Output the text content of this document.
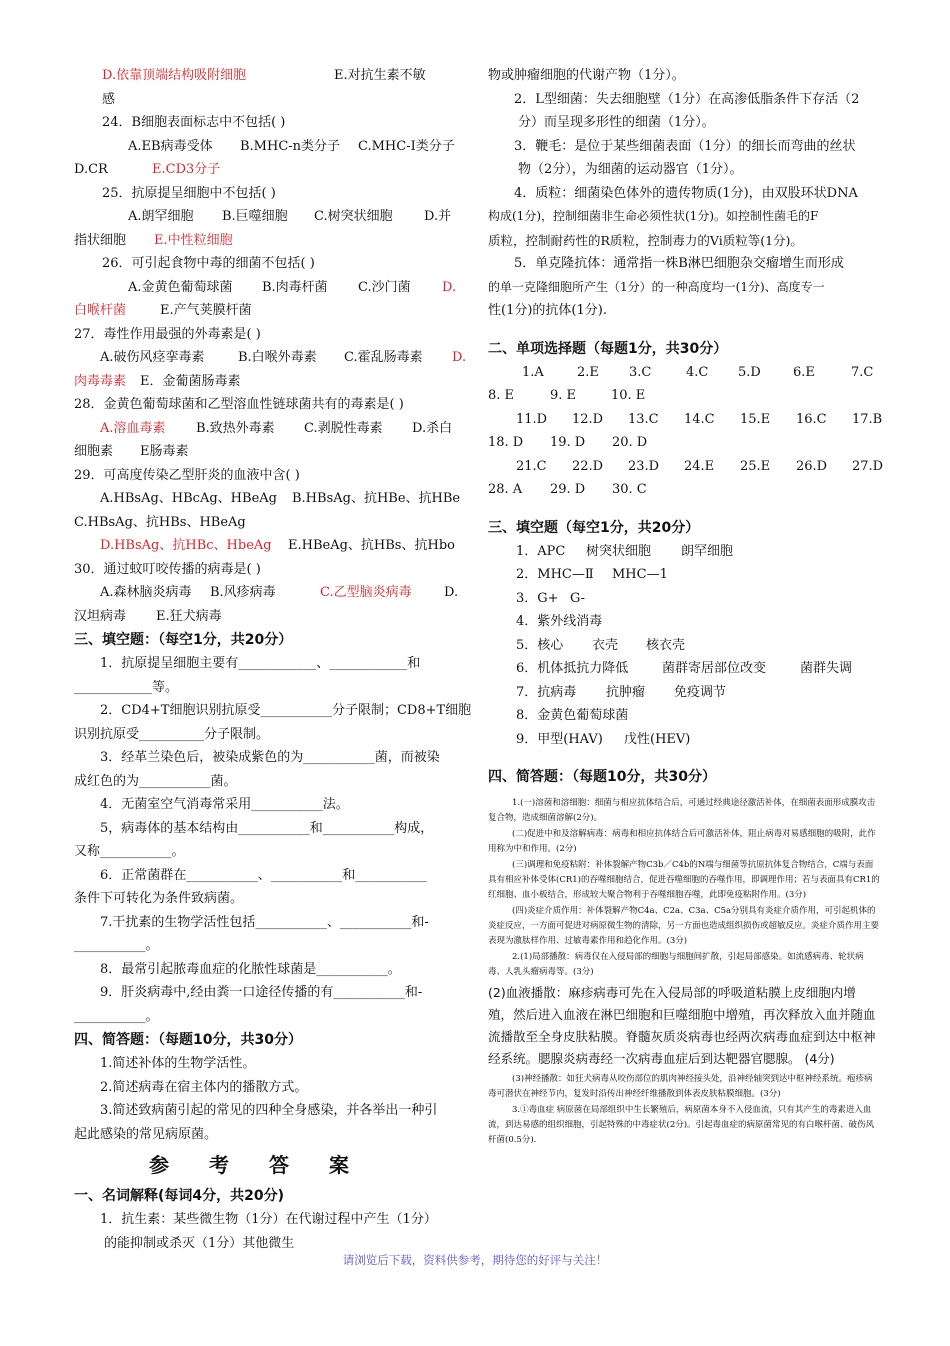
D.依靠顶端结构吸附细胞	E.对抗生素不敏
感
24．B细胞表面标志中不包括( )
A.EB病毒受体 B.MHC-n类分子 C.MHC-I类分子
D.CR	E.CD3分子
25．抗原提呈细胞中不包括( )
A.朗罕细胞 B.巨噬细胞 C.树突状细胞 D.并
指状细胞 E.中性粒细胞
26．可引起食物中毒的细菌不包括( )
A.金黄色葡萄球菌 B.肉毒杆菌 C.沙门菌 D.
白喉杆菌	E.产气荚膜杆菌
27．毒性作用最强的外毒素是( )
A.破伤风痉挛毒素	B.白喉外毒素 C.霍乱肠毒素 D.
肉毒毒素 E．金葡菌肠毒素
28．金黄色葡萄球菌和乙型溶血性链球菌共有的毒素是( )
A.溶血毒素 B.致热外毒素 C.剥脱性毒素 D.杀白
细胞素 E肠毒素
29．可高度传染乙型肝炎的血液中含( )
A.HBsAg、HBcAg、HBeAg B.HBsAg、抗HBe、抗HBe
C.HBsAg、抗HBs、HBeAg
D.HBsAg、抗HBc、HbeAg E.HBeAg、抗HBs、抗Hbo
30．通过蚊叮咬传播的病毒是( )
A.森林脑炎病毒 B.风疹病毒	C.乙型脑炎病毒 D.
汉坦病毒 E.狂犬病毒
三、填空题：（每空1分，共20分）
1．抗原提呈细胞主要有____________、____________和
____________等。
2．CD4+T细胞识别抗原受___________分子限制；CD8+T细胞
识别抗原受__________分子限制。
3．经革兰染色后，被染成紫色的为___________菌，而被染
成红色的为___________菌。
4．无菌室空气消毒常采用___________法。
5，病毒体的基本结构由___________和___________构成，
又称___________。
6．正常菌群在___________、___________和___________
条件下可转化为条件致病菌。
7.干扰素的生物学活性包括___________、___________和-
___________。
8．最常引起脓毒血症的化脓性球菌是___________。
9．肝炎病毒中,经由粪一口途径传播的有___________和-
___________。
四、简答题：（每题10分，共30分）
1.简述补体的生物学活性。
2.简述病毒在宿主体内的播散方式。
3.简述致病菌引起的常见的四种全身感染，并各举出一种引
起此感染的常见病原菌。
参考答案
一、名词解释(每词4分，共20分)
1．抗生素：某些微生物（1分）在代谢过程中产生（1分）
的能抑制或杀灭（1分）其他微生
物或肿瘤细胞的代谢产物（1分）。
2．L型细菌：失去细胞壁（1分）在高渗低脂条件下存活（2
分）而呈现多形性的细菌（1分）。
3．鞭毛：是位于某些细菌表面（1分）的细长而弯曲的丝状
物（2分），为细菌的运动器官（1分）。
4．质粒：细菌染色体外的遗传物质(1分)，由双股环状DNA
构成(1分)，控制细菌非生命必须性状(1分)。如控制性菌毛的F
质粒，控制耐药性的R质粒，控制毒力的Vi质粒等(1分)。
5．单克隆抗体：通常指一株B淋巴细胞杂交瘤增生而形成
的单一克隆细胞所产生（1分）的一种高度均一(1分)、高度专一
性(1分)的抗体(1分).
二、单项选择题（每题1分，共30分）
1.A	2.E 3.C	4.C 5.D 6.E	7.C
8. E	9. E	10. E
11.D 12.D 13.C 14.C 15.E 16.C 17.B
18. D 19. D 20. D
21.C 22.D 23.D 24.E 25.E 26.D 27.D
28. A 29. D 30. C
三、填空题（每空1分，共20分）
1．APC 树突状细胞 朗罕细胞
2．MHC—Ⅱ MHC—1
3．G+ G-
4．紫外线消毒
5．核心 衣壳 核衣壳
6．机体抵抗力降低	菌群寄居部位改变	菌群失调
7．抗病毒 抗肿瘤 免疫调节
8．金黄色葡萄球菌
9．甲型(HAV) 戊性(HEV)
四、简答题：（每题10分，共30分）
1.(一)溶菌和溶细胞：细菌与相应抗体结合后，可通过经典途径激活补体，在细菌表面形成膜攻击复合物，造成细菌溶解(2分)。
(二)促进中和及溶解病毒：病毒和相应抗体结合后可激活补体，阻止病毒对易感细胞的吸附，此作用称为中和作用。(2分)
(三)调理和免疫粘附：补体裂解产物C3b／C4b的N端与细菌等抗原抗体复合物结合，C端与表面具有相应补体受体(CR1)的吞噬细胞结合，促进吞噬细胞的吞噬作用，即调理作用；若与表面具有CR1的红细胞、血小板结合，形成较大聚合物利于吞噬细胞吞噬，此即免疫粘附作用。(3分)
(四)炎症介质作用：补体裂解产物C4a、C2a、C3a、C5a分别具有炎症介质作用，可引起机体的炎症反应，一方面可促进对病原微生物的清除，另一方面也造成组织损伤或超敏反应。炎症介质作用主要表现为激肽样作用、过敏毒素作用和趋化作用。(3分)
2.(1)局部播散：病毒仅在入侵局部的细胞与细胞间扩散，引起局部感染。如流感病毒、轮状病毒、人乳头瘤病毒等。(3分)
(2)血液播散：麻疹病毒可先在入侵局部的呼吸道粘膜上皮细胞内增殖，然后进入血液在淋巴细胞和巨噬细胞中增殖，再次释放入血并随血流播散至全身皮肤粘膜。脊髓灰质炎病毒也经两次病毒血症到达中枢神经系统。腮腺炎病毒经一次病毒血症后到达靶器官腮腺。 (4分)
(3)神经播散：如狂犬病毒从咬伤部位的肌肉神经接头处，沿神经轴突到达中枢神经系统。疱疹病毒可潜伏在神经节内，复发时沿传出神经纤维播散到体表皮肤粘膜细胞。(3分)
3.①毒血症 病原菌在局部组织中生长繁殖后，病原菌本身不入侵血流，只有其产生的毒素进入血流，到达易感的组织细胞，引起特殊的中毒症状(2分)。引起毒血症的病原菌常见的有白喉杆菌、破伤风杆菌(0.5分).
请浏览后下载，资料供参考，期待您的好评与关注！
